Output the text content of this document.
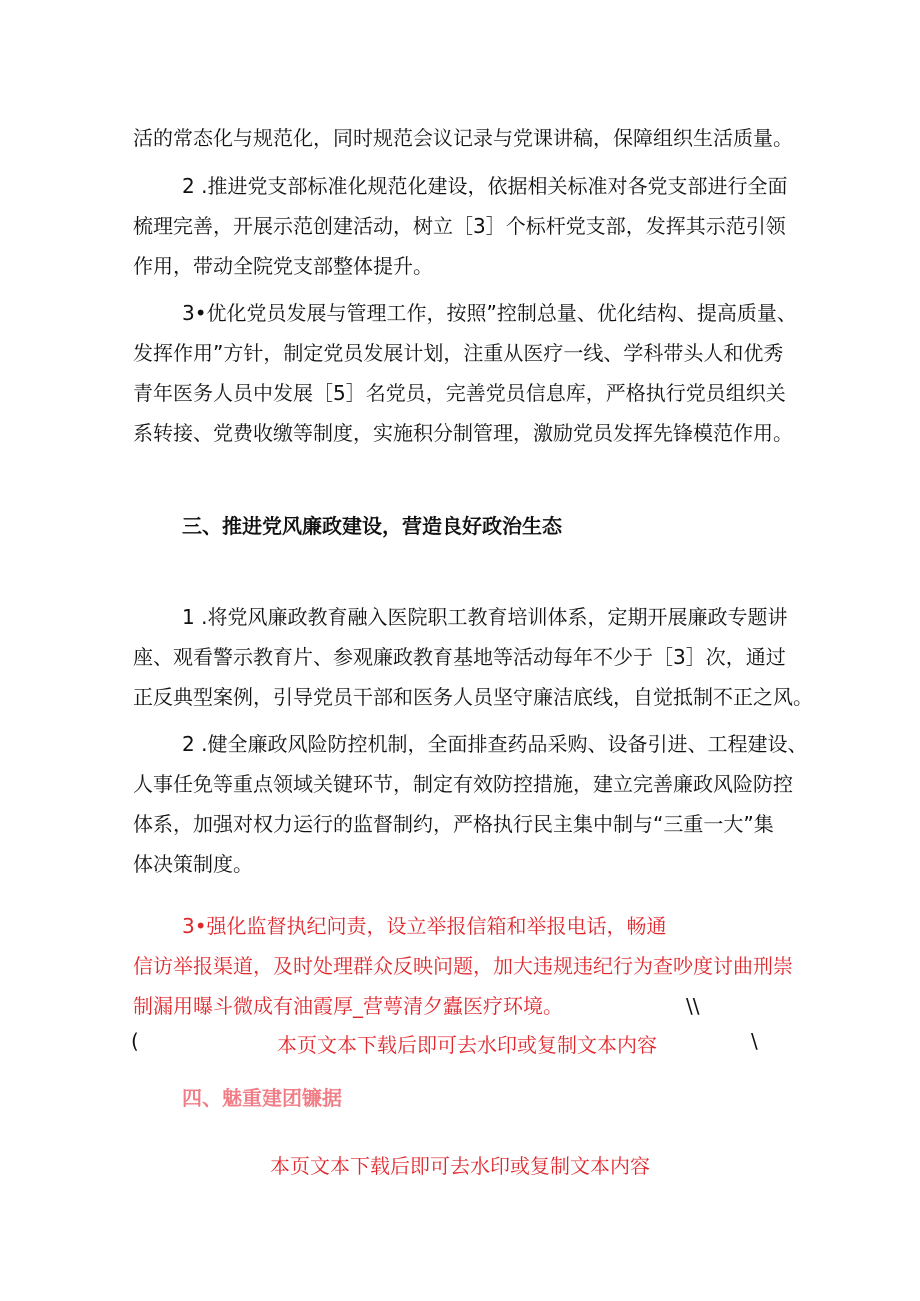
活的常态化与规范化，同时规范会议记录与党课讲稿，保障组织生活质量。
2 .推进党支部标准化规范化建设，依据相关标准对各党支部进行全面
梳理完善，开展示范创建活动，树立［3］个标杆党支部，发挥其示范引领
作用，带动全院党支部整体提升。
3•优化党员发展与管理工作，按照”控制总量、优化结构、提高质量、
发挥作用”方针，制定党员发展计划，注重从医疗一线、学科带头人和优秀
青年医务人员中发展［5］名党员，完善党员信息库，严格执行党员组织关
系转接、党费收缴等制度，实施积分制管理，激励党员发挥先锋模范作用。
三、推进党风廉政建设，营造良好政治生态
1 .将党风廉政教育融入医院职工教育培训体系，定期开展廉政专题讲
座、观看警示教育片、参观廉政教育基地等活动每年不少于［3］次，通过
正反典型案例，引导党员干部和医务人员坚守廉洁底线，自觉抵制不正之风。
2 .健全廉政风险防控机制，全面排查药品采购、设备引进、工程建设、
人事任免等重点领域关键环节，制定有效防控措施，建立完善廉政风险防控
体系，加强对权力运行的监督制约，严格执行民主集中制与“三重一大”集
体决策制度。
3•强化监督执纪问责，设立举报信箱和举报电话，畅通
信访举报渠道，及时处理群众反映问题，加大违规违纪行为查吵度讨曲刑崇
制漏用曝斗微成有油霞厚_营萼清夕蠹医疗环境。	\\
(	本页文本下载后即可去水印或复制文本内容	\
四、魅重建团镰据
本页文本下载后即可去水印或复制文本内容
